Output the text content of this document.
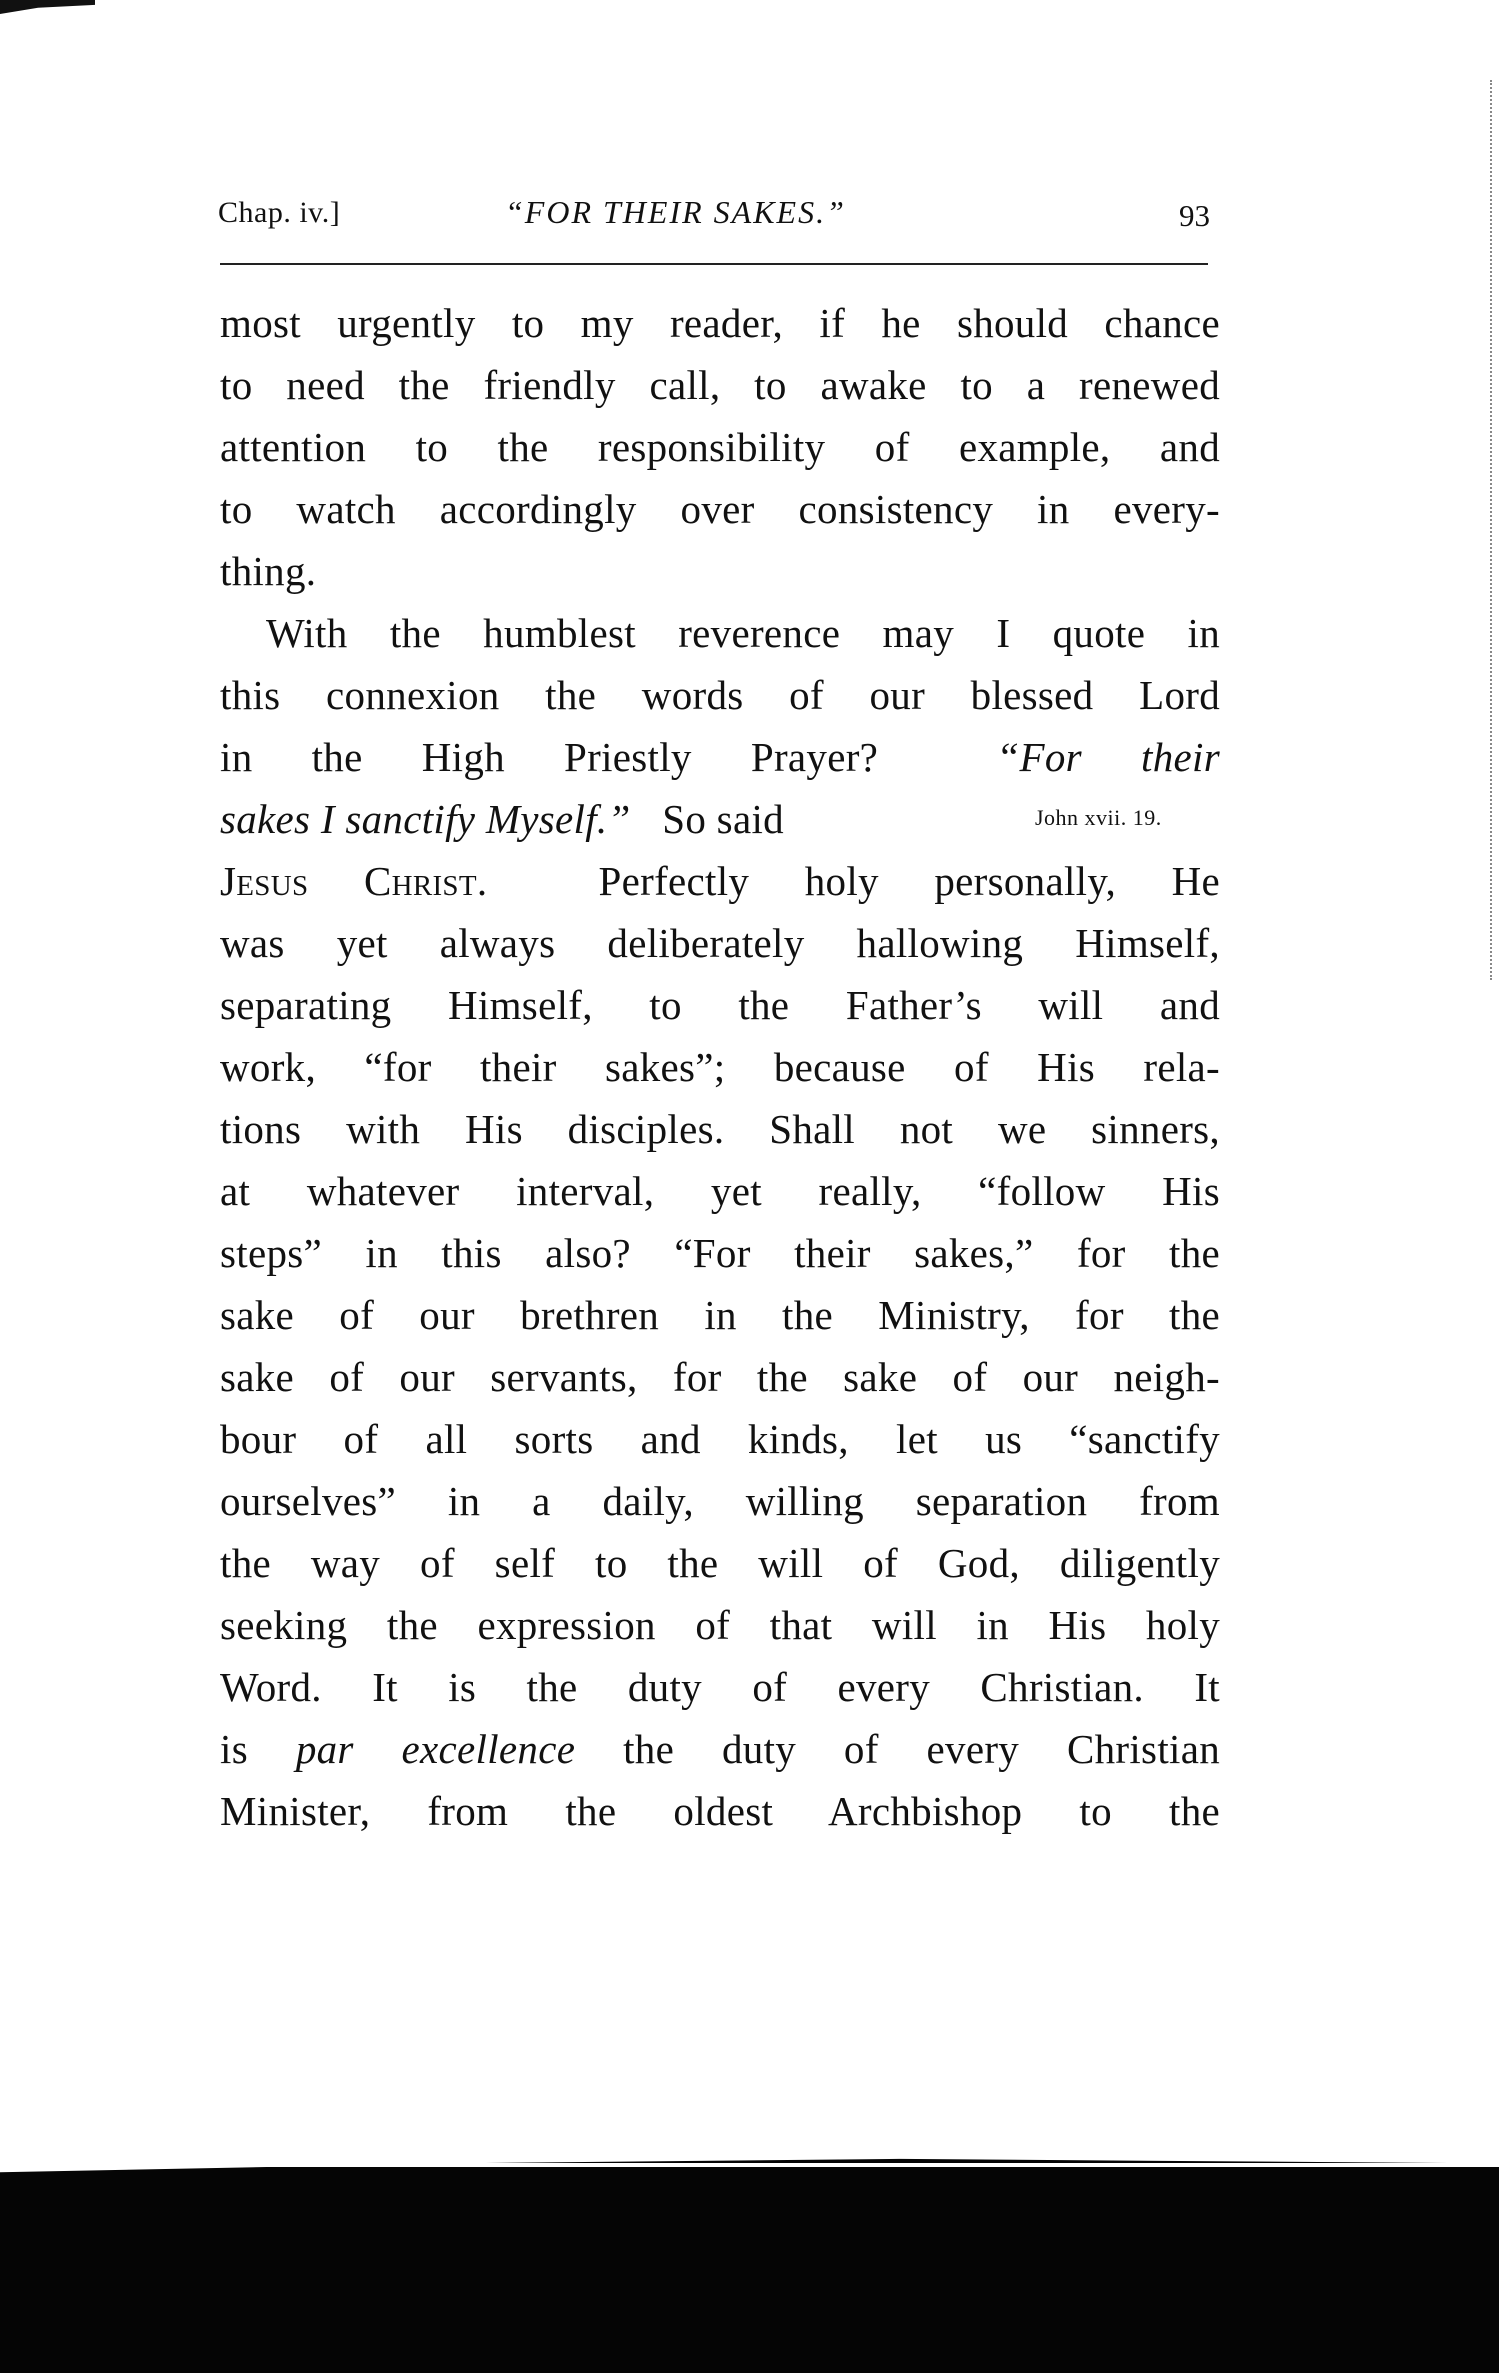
Chap. iv.]	“FOR THEIR SAKES.”	93
most urgently to my reader, if he should chance
to need the friendly call, to awake to a renewed
attention to the responsibility of example, and
to watch accordingly over consistency in every-
thing.
With the humblest reverence may I quote in
this connexion the words of our blessed Lord
in the High Priestly Prayer?	“For their
sakes I sanctify Myself.” So said
Jesus Christ.	Perfectly holy personally, He
was yet always deliberately hallowing Himself,
separating Himself, to the Father’s will and
work, “for their sakes”; because of His rela-
tions with His disciples. Shall not we sinners,
at whatever interval, yet really, “follow His
steps” in this also? “For their sakes,” for the
sake of our brethren in the Ministry, for the
sake of our servants, for the sake of our neigh-
bour of all sorts and kinds, let us “sanctify
ourselves” in a daily, willing separation from
the way of self to the will of God, diligently
seeking the expression of that will in His holy
Word. It is the duty of every Christian. It
is par excellence the duty of every Christian
Minister, from the oldest Archbishop to the
John xvii. 19.
